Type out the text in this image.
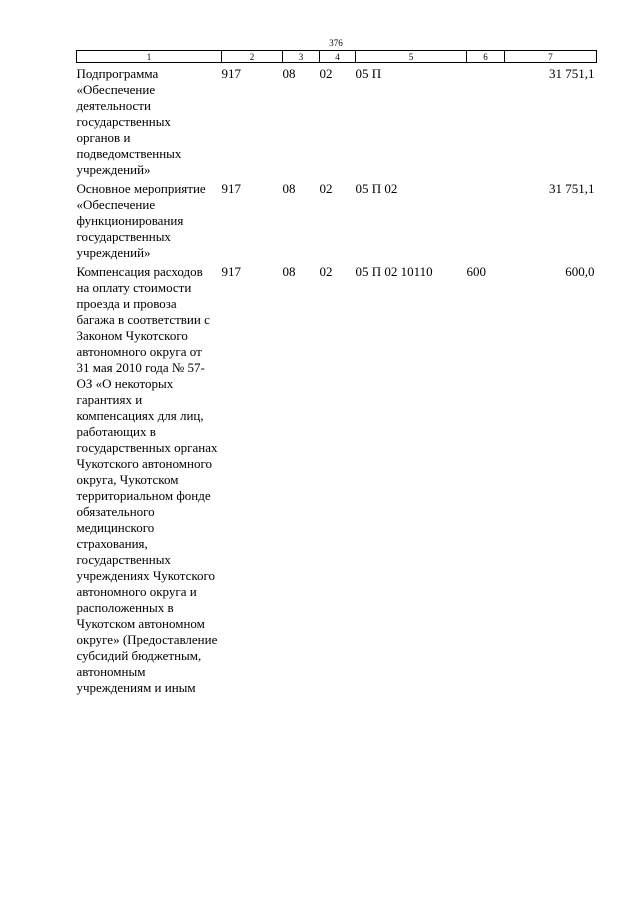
376
1	2	3	4	5	6	7
Подпрограмма «Обеспечение деятельности государственных органов и подведомственных учреждений»	917	08	02	05 П		31 751,1
Основное мероприятие «Обеспечение функционирования государственных учреждений»	917	08	02	05 П 02		31 751,1
Компенсация расходов на оплату стоимости проезда и провоза багажа в соответствии с Законом Чукотского автономного округа от 31 мая 2010 года № 57-ОЗ «О некоторых гарантиях и компенсациях для лиц, работающих в государственных органах Чукотского автономного округа, Чукотском территориальном фонде обязательного медицинского страхования, государственных учреждениях Чукотского автономного округа и расположенных в Чукотском автономном округе» (Предоставление субсидий бюджетным, автономным учреждениям и иным	917	08	02	05 П 02 10110	600	600,0
